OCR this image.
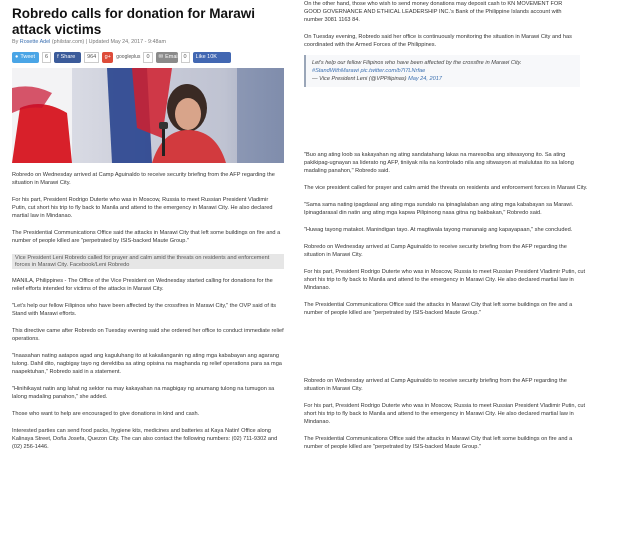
Robredo calls for donation for Marawi attack victims
By Rosette Adel (philstar.com) | Updated May 24, 2017 - 9:48am
● Tweet	6	f Share	964	g+	googleplus	0	✉ Email 0	Like 10K

Robredo on Wednesday arrived at Camp Aguinaldo to receive security briefing from the AFP regarding the situation in Marawi City.

For his part, President Rodrigo Duterte who was in Moscow, Russia to meet Russian President Vladimir Putin, cut short his trip to fly back to Manila and attend to the emergency in Marawi City. He also declared martial law in Mindanao.

The Presidential Communications Office said the attacks in Marawi City that left some buildings on fire and a number of people killed are "perpetrated by ISIS-backed Maute Group."

Vice President Leni Robredo called for prayer and calm amid the threats on residents and enforcement forces in Marawi City. Facebook/Leni Robredo

MANILA, Philippines - The Office of the Vice President on Wednesday started calling for donations for the relief efforts intended for victims of the attacks in Marawi City.

"Let's help our fellow Filipinos who have been affected by the crossfires in Marawi City," the OVP said of its Stand with Marawi efforts.

This directive came after Robredo on Tuesday evening said she ordered her office to conduct immediate relief operations.

"Inaasahan nating aatapos agad ang kaguluhang ito at kakailanganin ng ating mga kababayan ang agarang tulong. Dahil dito, nagbigay tayo ng derektiba sa ating opisina na maghanda ng relief operations para sa mga naapektuhan," Robredo said in a statement.

"Hinihikayat natin ang lahat ng sektor na may kakayahan na magbigay ng anumang tulong na tumugon sa lalong madaling panahon," she added.

Those who want to help are encouraged to give donations in kind and cash.

Interested parties can send food packs, hygiene kits, medicines and batteries at Kaya Natin! Office along Kalinaya Street, Doña Josefa, Quezon City. The can also contact the following numbers: (02) 711-9302 and (02) 256-1446.

On the other hand, those who wish to send money donations may deposit cash to KN MOVEMENT FOR GOOD GOVERNANCE AND ETHICAL LEADERSHIP INC.'s Bank of the Philippine Islands account with number 3081 1163 84.

On Tuesday evening, Robredo said her office is continuously monitoring the situation in Marawi City and has coordinated with the Armed Forces of the Philippines.

Let's help our fellow Filipinos who have been affected by the crossfire in Marawi City.
#StandWithMarawi pic.twitter.com/b7I7LNrfae
— Vice President Leni (@VPPilipinas) May 24, 2017

"Buo ang ating loob sa kakayahan ng ating sandatahang lakas na maresolba ang sitwasyong ito. Sa ating pakikipag-ugnayan sa liderato ng AFP, tiniiyak nila na kontrolado nila ang sitwasyon at malulutas ito sa lalong madaling panahon," Robredo said.

The vice president called for prayer and calm amid the threats on residents and enforcement forces in Marawi City.

"Sama sama nating ipagdasal ang ating mga sundalo na ipinaglalaban ang ating mga kababayan sa Marawi. Ipinagdarasal din natin ang ating mga kapwa Pilipinong nasa gitna ng bakbakan," Robredo said.

"Huwag tayong matakot. Manindigan tayo. At magtiwala tayong mananaig ang kapayapaan," she concluded.

Robredo on Wednesday arrived at Camp Aguinaldo to receive security briefing from the AFP regarding the situation in Marawi City.

For his part, President Rodrigo Duterte who was in Moscow, Russia to meet Russian President Vladimir Putin, cut short his trip to fly back to Manila and attend to the emergency in Marawi City. He also declared martial law in Mindanao.

The Presidential Communications Office said the attacks in Marawi City that left some buildings on fire and a number of people killed are "perpetrated by ISIS-backed Maute Group."

Robredo on Wednesday arrived at Camp Aguinaldo to receive security briefing from the AFP regarding the situation in Marawi City.

For his part, President Rodrigo Duterte who was in Moscow, Russia to meet Russian President Vladimir Putin, cut short his trip to fly back to Manila and attend to the emergency in Marawi City. He also declared martial law in Mindanao.

The Presidential Communications Office said the attacks in Marawi City that left some buildings on fire and a number of people killed are "perpetrated by ISIS-backed Maute Group."
